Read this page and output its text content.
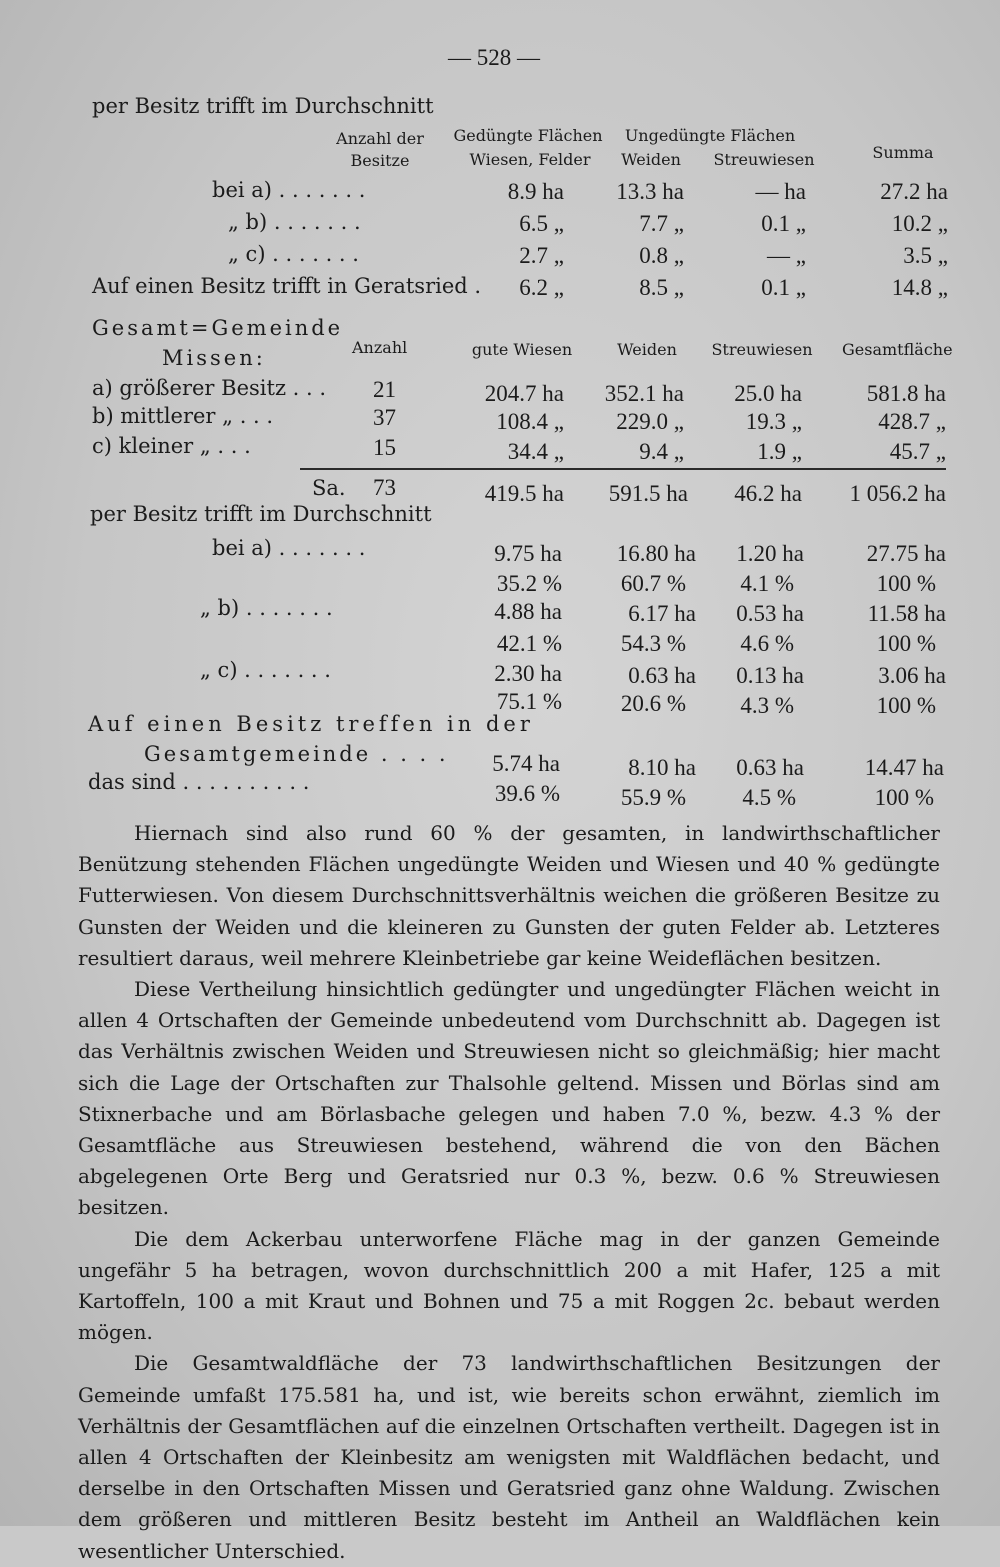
— 528 —
per Besitz trifft im Durchschnitt
Anzahl der
Besitze
Gedüngte Flächen
Wiesen, Felder
Ungedüngte Flächen
Weiden	Streuwiesen	Summa
bei a) . . . . . . .	8.9 ha	13.3 ha	— ha	27.2 ha
„ b) . . . . . . .	6.5 „	7.7 „	0.1 „	10.2 „
„ c) . . . . . . .	2.7 „	0.8 „	— „	3.5 „
Auf einen Besitz trifft in Geratsried .	6.2 „	8.5 „	0.1 „	14.8 „
Gesamt=Gemeinde
Missen:	Anzahl	gute Wiesen	Weiden	Streuwiesen	Gesamtfläche
a) größerer Besitz . . .	21	204.7 ha	352.1 ha	25.0 ha	581.8 ha
b) mittlerer „ . . .	37	108.4 „	229.0 „	19.3 „	428.7 „
c) kleiner „ . . .	15	34.4 „	9.4 „	1.9 „	45.7 „
Sa.	73	419.5 ha	591.5 ha	46.2 ha	1 056.2 ha
per Besitz trifft im Durchschnitt
bei a) . . . . . . .	9.75 ha	16.80 ha	1.20 ha	27.75 ha
35.2 %	60.7 %	4.1 %	100 %
„ b) . . . . . . .	4.88 ha	6.17 ha	0.53 ha	11.58 ha
42.1 %	54.3 %	4.6 %	100 %
„ c) . . . . . . .	2.30 ha	0.63 ha	0.13 ha	3.06 ha
75.1 %	20.6 %	4.3 %	100 %
Auf einen Besitz treffen in der
Gesamtgemeinde . . . .	5.74 ha	8.10 ha	0.63 ha	14.47 ha
das sind . . . . . . . . . .	39.6 %	55.9 %	4.5 %	100 %

Hiernach sind also rund 60 % der gesamten, in landwirthschaftlicher Benützung stehenden Flächen ungedüngte Weiden und Wiesen und 40 % gedüngte Futterwiesen. Von diesem Durchschnittsverhältnis weichen die größeren Besitze zu Gunsten der Weiden und die kleineren zu Gunsten der guten Felder ab. Letzteres resultiert daraus, weil mehrere Kleinbetriebe gar keine Weideflächen besitzen.

Diese Vertheilung hinsichtlich gedüngter und ungedüngter Flächen weicht in allen 4 Ortschaften der Gemeinde unbedeutend vom Durchschnitt ab. Dagegen ist das Verhältnis zwischen Weiden und Streuwiesen nicht so gleichmäßig; hier macht sich die Lage der Ortschaften zur Thalsohle geltend. Missen und Börlas sind am Stixnerbache und am Börlasbache gelegen und haben 7.0 %, bezw. 4.3 % der Gesamtfläche aus Streuwiesen bestehend, während die von den Bächen abgelegenen Orte Berg und Geratsried nur 0.3 %, bezw. 0.6 % Streuwiesen besitzen.

Die dem Ackerbau unterworfene Fläche mag in der ganzen Gemeinde ungefähr 5 ha betragen, wovon durchschnittlich 200 a mit Hafer, 125 a mit Kartoffeln, 100 a mit Kraut und Bohnen und 75 a mit Roggen 2c. bebaut werden mögen.

Die Gesamtwaldfläche der 73 landwirthschaftlichen Besitzungen der Gemeinde umfaßt 175.581 ha, und ist, wie bereits schon erwähnt, ziemlich im Verhältnis der Gesamtflächen auf die einzelnen Ortschaften vertheilt. Dagegen ist in allen 4 Ortschaften der Kleinbesitz am wenigsten mit Waldflächen bedacht, und derselbe in den Ortschaften Missen und Geratsried ganz ohne Waldung. Zwischen dem größeren und mittleren Besitz besteht im Antheil an Waldflächen kein wesentlicher Unterschied.
